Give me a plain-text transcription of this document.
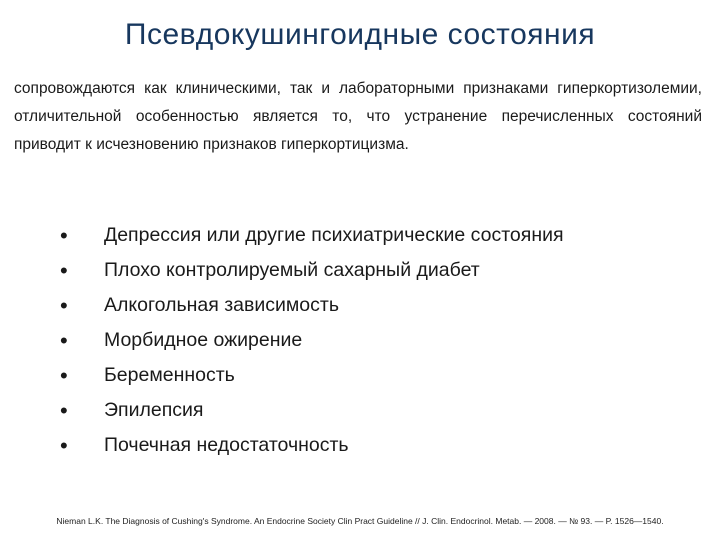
Псевдокушингоидные состояния

сопровождаются как клиническими, так и лабораторными признаками гиперкортизолемии, отличительной особенностью является то, что устранение перечисленных состояний приводит к исчезновению признаков гиперкортицизма.

• Депрессия или другие психиатрические состояния
• Плохо контролируемый сахарный диабет
• Алкогольная зависимость
• Морбидное ожирение
• Беременность
• Эпилепсия
• Почечная недостаточность

Nieman L.K. The Diagnosis of Cushing's Syndrome. An Endocrine Society Clin Pract Guideline // J. Clin. Endocrinol. Metab. — 2008. — № 93. — P. 1526—1540.
